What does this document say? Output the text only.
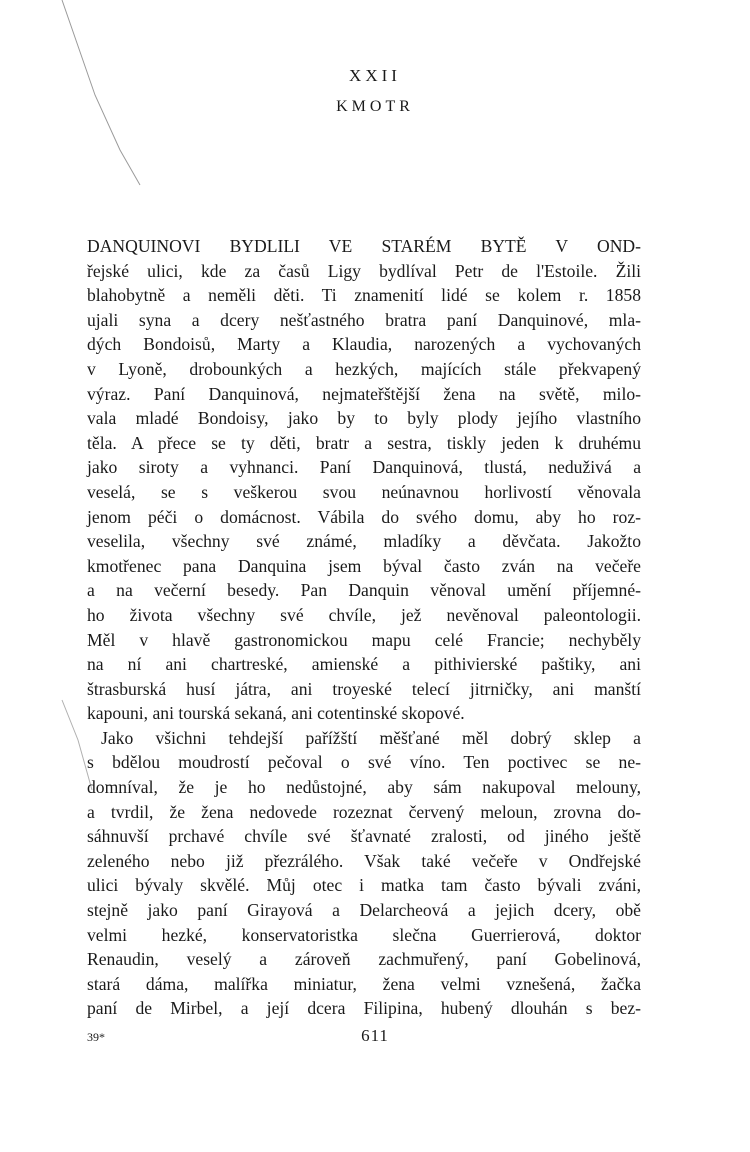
XXII
KMOTR
DANQUINOVI BYDLILI VE STARÉM BYTĚ V OND-
řejské ulici, kde za časů Ligy bydlíval Petr de l'Estoile. Žili
blahobytně a neměli děti. Ti znamenití lidé se kolem r. 1858
ujali syna a dcery nešťastného bratra paní Danquinové, mla-
dých Bondoisů, Marty a Klaudia, narozených a vychovaných
v Lyoně, drobounkých a hezkých, majících stále překvapený
výraz. Paní Danquinová, nejmateřštější žena na světě, milo-
vala mladé Bondoisy, jako by to byly plody jejího vlastního
těla. A přece se ty děti, bratr a sestra, tiskly jeden k druhému
jako siroty a vyhnanci. Paní Danquinová, tlustá, neduživá a
veselá, se s veškerou svou neúnavnou horlivostí věnovala
jenom péči o domácnost. Vábila do svého domu, aby ho roz-
veselila, všechny své známé, mladíky a děvčata. Jakožto
kmotřenec pana Danquina jsem býval často zván na večeře
a na večerní besedy. Pan Danquin věnoval umění příjemné-
ho života všechny své chvíle, jež nevěnoval paleontologii.
Měl v hlavě gastronomickou mapu celé Francie; nechyběly
na ní ani chartreské, amienské a pithivierské paštiky, ani
štrasburská husí játra, ani troyeské telecí jitrničky, ani manští
kapouni, ani tourská sekaná, ani cotentinské skopové.
Jako všichni tehdejší pařížští měšťané měl dobrý sklep a
s bdělou moudrostí pečoval o své víno. Ten poctivec se ne-
domníval, že je ho nedůstojné, aby sám nakupoval melouny,
a tvrdil, že žena nedovede rozeznat červený meloun, zrovna do-
sáhnuvší prchavé chvíle své šťavnaté zralosti, od jiného ještě
zeleného nebo již přezrálého. Však také večeře v Ondřejské
ulici bývaly skvělé. Můj otec i matka tam často bývali zváni,
stejně jako paní Girayová a Delarcheová a jejich dcery, obě
velmi hezké, konservatoristka slečna Guerrierová, doktor
Renaudin, veselý a zároveň zachmuřený, paní Gobelinová,
stará dáma, malířka miniatur, žena velmi vznešená, žačka
paní de Mirbel, a její dcera Filipina, hubený dlouhán s bez-
39*	611
